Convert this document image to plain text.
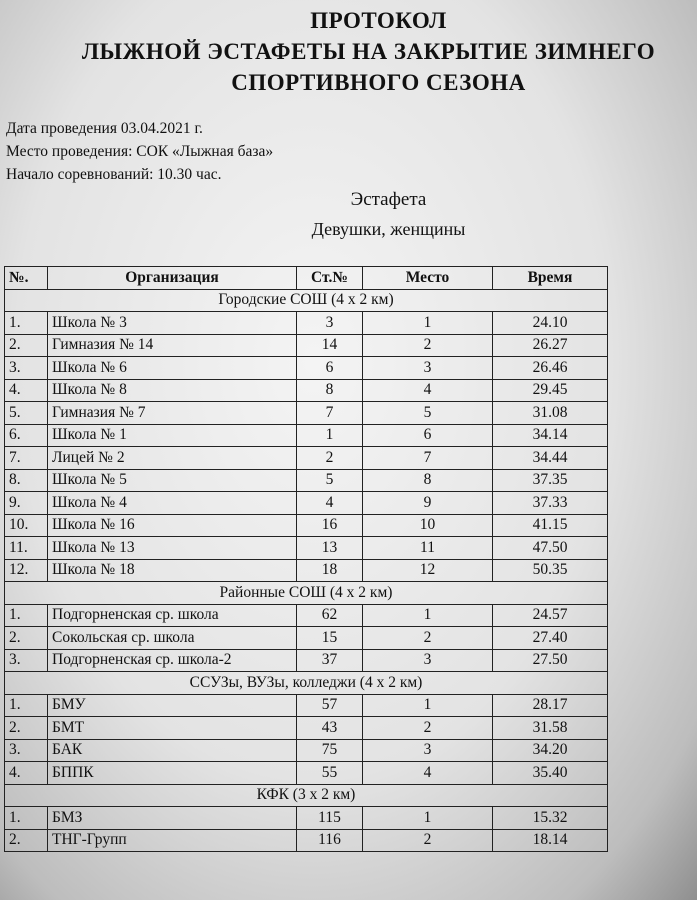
ПРОТОКОЛ
ЛЫЖНОЙ ЭСТАФЕТЫ НА ЗАКРЫТИЕ ЗИМНЕГО
СПОРТИВНОГО СЕЗОНА
Дата проведения 03.04.2021 г.
Место проведения: СОК «Лыжная база»
Начало соревнований: 10.30 час.
Эстафета
Девушки, женщины
№.	Организация	Ст.№	Место	Время
Городские СОШ (4 х 2 км)				
1.	Школа № 3	3	1	24.10
2.	Гимназия № 14	14	2	26.27
3.	Школа № 6	6	3	26.46
4.	Школа № 8	8	4	29.45
5.	Гимназия № 7	7	5	31.08
6.	Школа № 1	1	6	34.14
7.	Лицей № 2	2	7	34.44
8.	Школа № 5	5	8	37.35
9.	Школа № 4	4	9	37.33
10.	Школа № 16	16	10	41.15
11.	Школа № 13	13	11	47.50
12.	Школа № 18	18	12	50.35
Районные СОШ (4 х 2 км)				
1.	Подгорненская ср. школа	62	1	24.57
2.	Сокольская ср. школа	15	2	27.40
3.	Подгорненская ср. школа-2	37	3	27.50
ССУЗы, ВУЗы, колледжи (4 х 2 км)				
1.	БМУ	57	1	28.17
2.	БМТ	43	2	31.58
3.	БАК	75	3	34.20
4.	БППК	55	4	35.40
КФК (3 х 2 км)				
1.	БМЗ	115	1	15.32
2.	ТНГ-Групп	116	2	18.14
